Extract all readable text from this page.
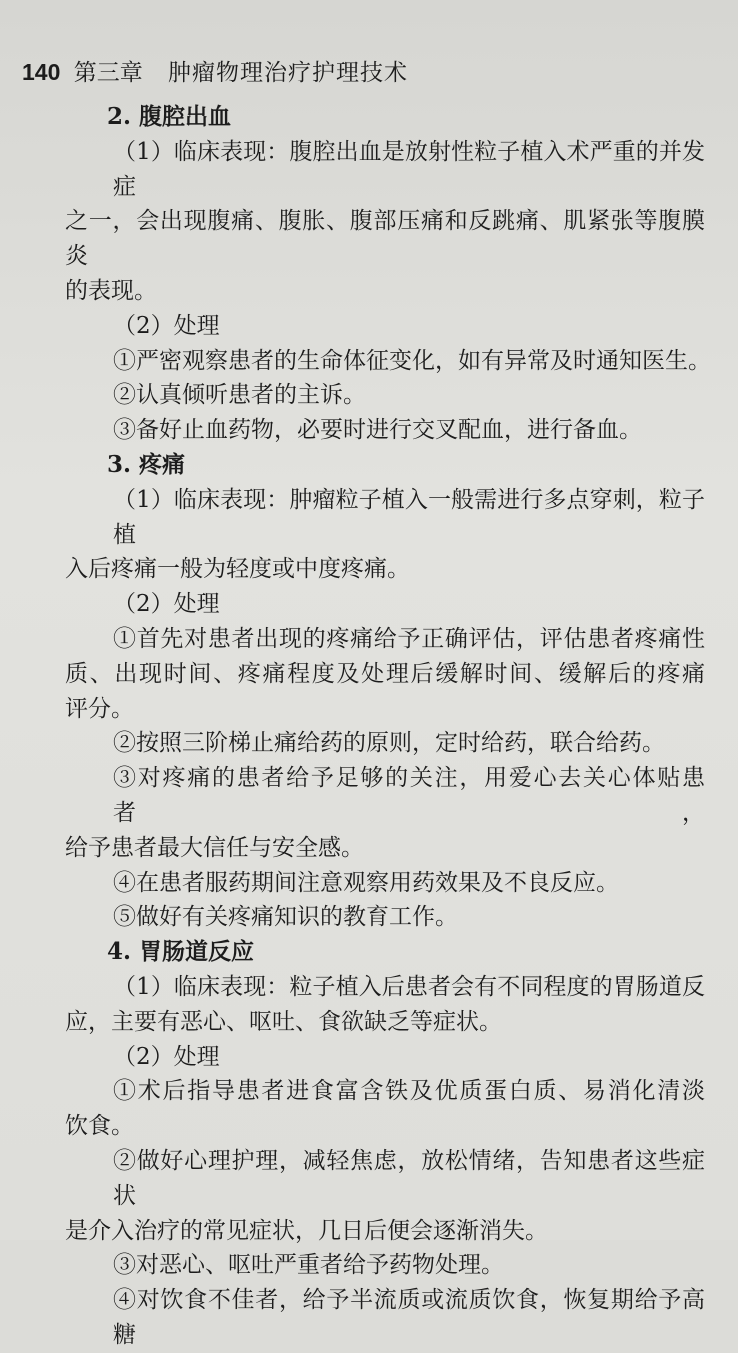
140 第三章 肿瘤物理治疗护理技术
2. 腹腔出血
（1）临床表现：腹腔出血是放射性粒子植入术严重的并发症
之一，会出现腹痛、腹胀、腹部压痛和反跳痛、肌紧张等腹膜炎
的表现。
（2）处理
①严密观察患者的生命体征变化，如有异常及时通知医生。
②认真倾听患者的主诉。
③备好止血药物，必要时进行交叉配血，进行备血。
3. 疼痛
（1）临床表现：肿瘤粒子植入一般需进行多点穿刺，粒子植
入后疼痛一般为轻度或中度疼痛。
（2）处理
①首先对患者出现的疼痛给予正确评估，评估患者疼痛性
质、出现时间、疼痛程度及处理后缓解时间、缓解后的疼痛
评分。
②按照三阶梯止痛给药的原则，定时给药，联合给药。
③对疼痛的患者给予足够的关注，用爱心去关心体贴患者，
给予患者最大信任与安全感。
④在患者服药期间注意观察用药效果及不良反应。
⑤做好有关疼痛知识的教育工作。
4. 胃肠道反应
（1）临床表现：粒子植入后患者会有不同程度的胃肠道反
应，主要有恶心、呕吐、食欲缺乏等症状。
（2）处理
①术后指导患者进食富含铁及优质蛋白质、易消化清淡
饮食。
②做好心理护理，减轻焦虑，放松情绪，告知患者这些症状
是介入治疗的常见症状，几日后便会逐渐消失。
③对恶心、呕吐严重者给予药物处理。
④对饮食不佳者，给予半流质或流质饮食，恢复期给予高糖
